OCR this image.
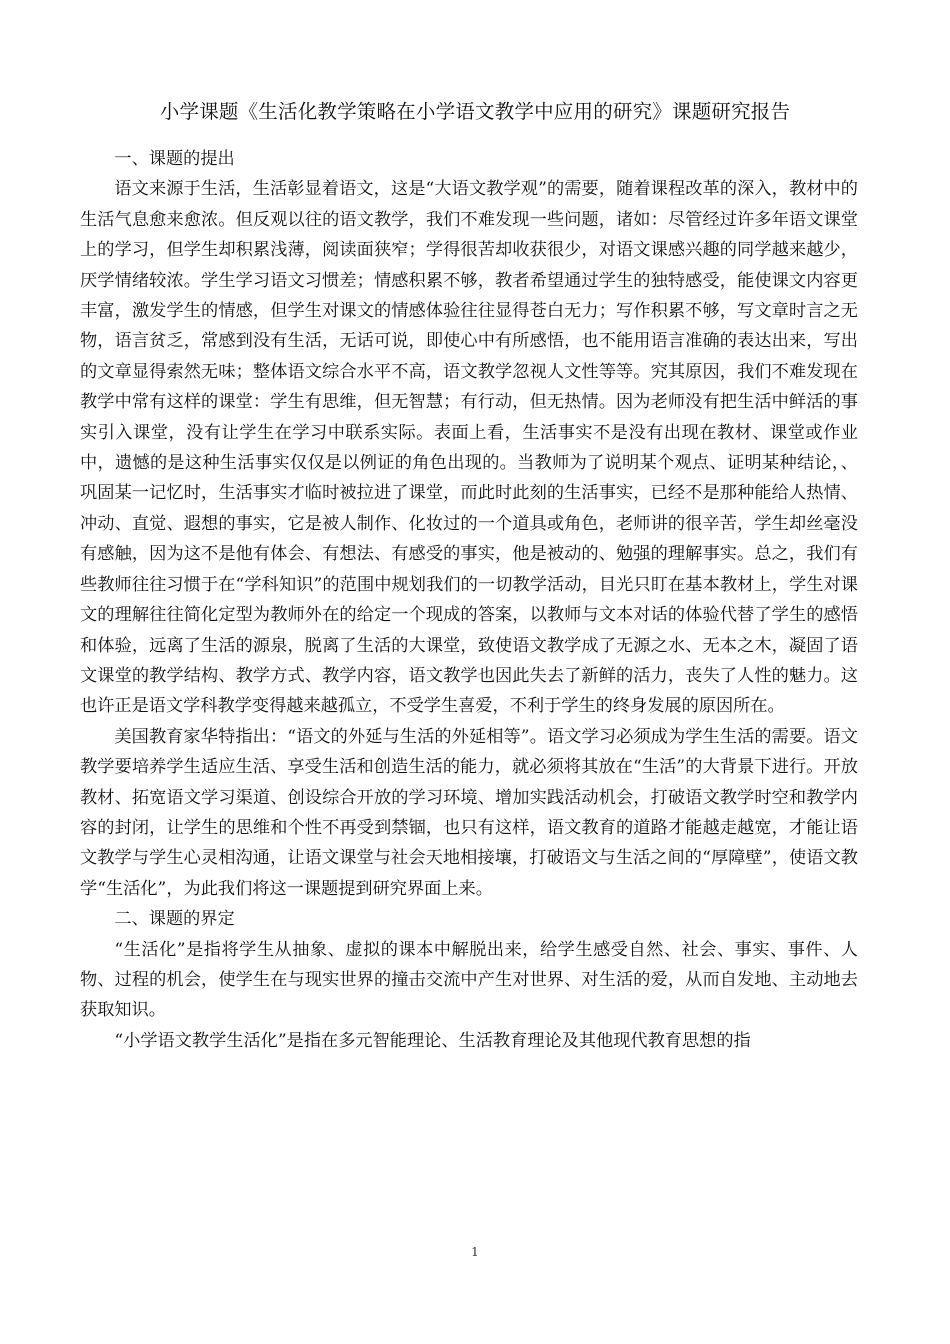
小学课题《生活化教学策略在小学语文教学中应用的研究》课题研究报告

一、课题的提出

语文来源于生活，生活彰显着语文，这是“大语文教学观”的需要，随着课程改革的深入，教材中的生活气息愈来愈浓。但反观以往的语文教学，我们不难发现一些问题，诸如：尽管经过许多年语文课堂上的学习，但学生却积累浅薄，阅读面狭窄；学得很苦却收获很少，对语文课感兴趣的同学越来越少，厌学情绪较浓。学生学习语文习惯差；情感积累不够，教者希望通过学生的独特感受，能使课文内容更丰富，激发学生的情感，但学生对课文的情感体验往往显得苍白无力；写作积累不够，写文章时言之无物，语言贫乏，常感到没有生活，无话可说，即使心中有所感悟，也不能用语言准确的表达出来，写出的文章显得索然无味；整体语文综合水平不高，语文教学忽视人文性等等。究其原因，我们不难发现在教学中常有这样的课堂：学生有思维，但无智慧；有行动，但无热情。因为老师没有把生活中鲜活的事实引入课堂，没有让学生在学习中联系实际。表面上看，生活事实不是没有出现在教材、课堂或作业中，遗憾的是这种生活事实仅仅是以例证的角色出现的。当教师为了说明某个观点、证明某种结论，、巩固某一记忆时，生活事实才临时被拉进了课堂，而此时此刻的生活事实，已经不是那种能给人热情、冲动、直觉、遐想的事实，它是被人制作、化妆过的一个道具或角色，老师讲的很辛苦，学生却丝毫没有感触，因为这不是他有体会、有想法、有感受的事实，他是被动的、勉强的理解事实。总之，我们有些教师往往习惯于在“学科知识”的范围中规划我们的一切教学活动，目光只盯在基本教材上，学生对课文的理解往往简化定型为教师外在的给定一个现成的答案，以教师与文本对话的体验代替了学生的感悟和体验，远离了生活的源泉，脱离了生活的大课堂，致使语文教学成了无源之水、无本之木，凝固了语文课堂的教学结构、教学方式、教学内容，语文教学也因此失去了新鲜的活力，丧失了人性的魅力。这也许正是语文学科教学变得越来越孤立，不受学生喜爱，不利于学生的终身发展的原因所在。

美国教育家华特指出：“语文的外延与生活的外延相等”。语文学习必须成为学生生活的需要。语文教学要培养学生适应生活、享受生活和创造生活的能力，就必须将其放在“生活”的大背景下进行。开放教材、拓宽语文学习渠道、创设综合开放的学习环境、增加实践活动机会，打破语文教学时空和教学内容的封闭，让学生的思维和个性不再受到禁锢，也只有这样，语文教育的道路才能越走越宽，才能让语文教学与学生心灵相沟通，让语文课堂与社会天地相接壤，打破语文与生活之间的“厚障壁”，使语文教学“生活化”，为此我们将这一课题提到研究界面上来。

二、课题的界定

“生活化”是指将学生从抽象、虚拟的课本中解脱出来，给学生感受自然、社会、事实、事件、人物、过程的机会，使学生在与现实世界的撞击交流中产生对世界、对生活的爱，从而自发地、主动地去获取知识。

“小学语文教学生活化”是指在多元智能理论、生活教育理论及其他现代教育思想的指

1
